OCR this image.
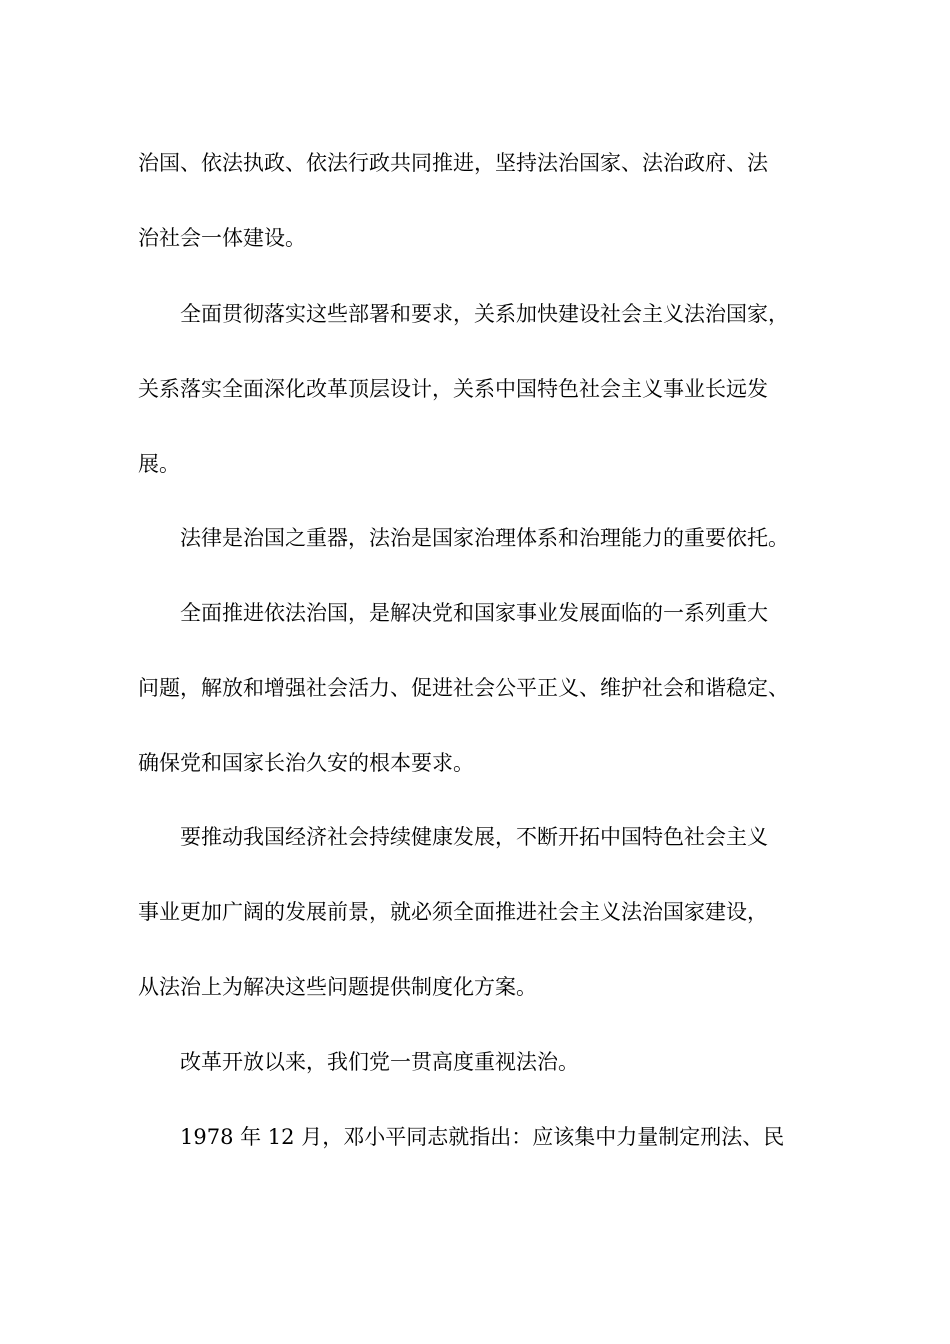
治国、依法执政、依法行政共同推进，坚持法治国家、法治政府、法
治社会一体建设。
全面贯彻落实这些部署和要求，关系加快建设社会主义法治国家，
关系落实全面深化改革顶层设计，关系中国特色社会主义事业长远发
展。
法律是治国之重器，法治是国家治理体系和治理能力的重要依托。
全面推进依法治国，是解决党和国家事业发展面临的一系列重大
问题，解放和增强社会活力、促进社会公平正义、维护社会和谐稳定、
确保党和国家长治久安的根本要求。
要推动我国经济社会持续健康发展，不断开拓中国特色社会主义
事业更加广阔的发展前景，就必须全面推进社会主义法治国家建设，
从法治上为解决这些问题提供制度化方案。
改革开放以来，我们党一贯高度重视法治。
1978 年 12 月，邓小平同志就指出：应该集中力量制定刑法、民
